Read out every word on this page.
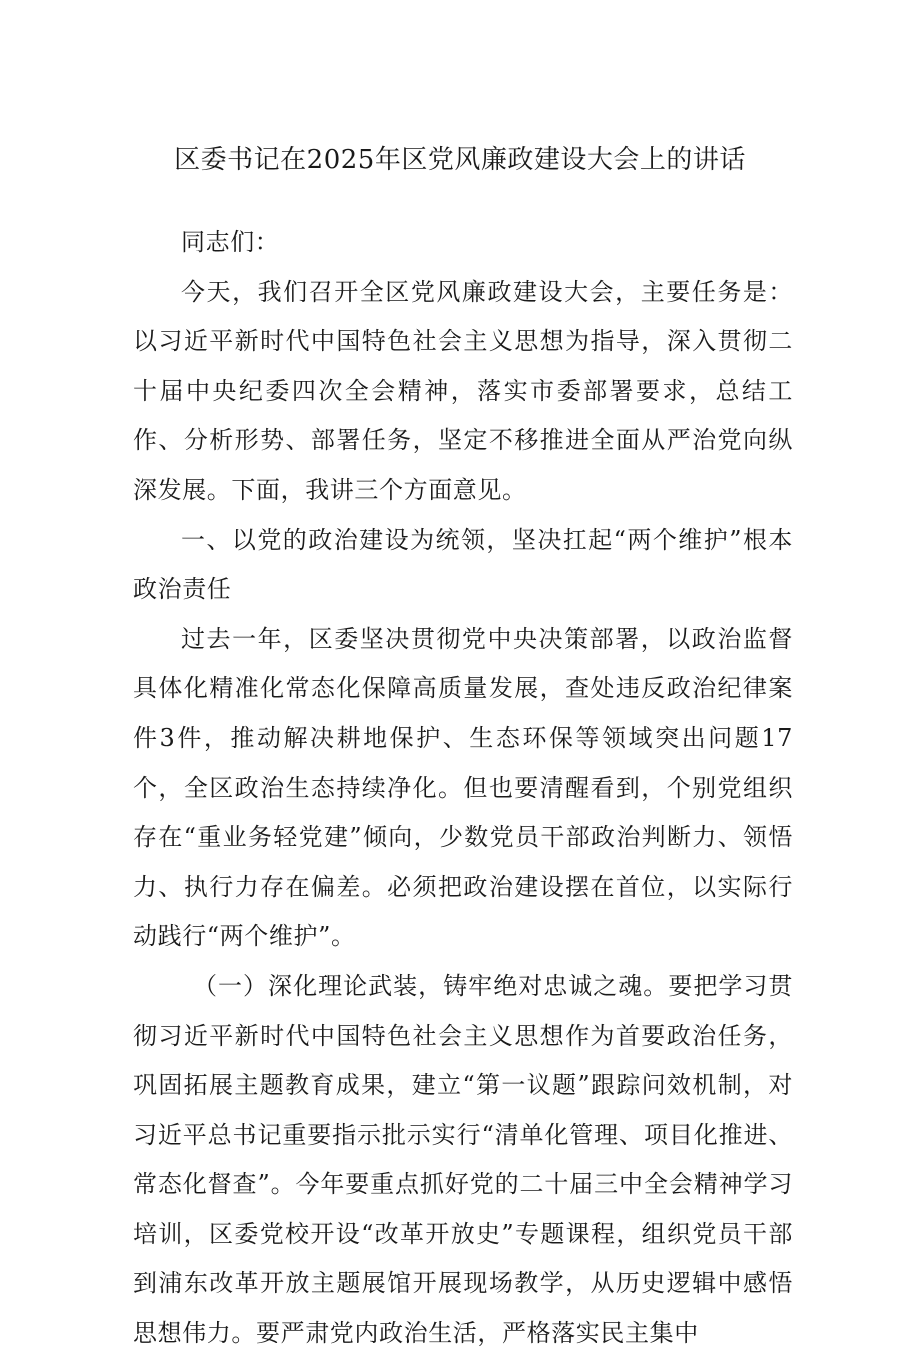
区委书记在2025年区党风廉政建设大会上的讲话

同志们：

今天，我们召开全区党风廉政建设大会，主要任务是：以习近平新时代中国特色社会主义思想为指导，深入贯彻二十届中央纪委四次全会精神，落实市委部署要求，总结工作、分析形势、部署任务，坚定不移推进全面从严治党向纵深发展。下面，我讲三个方面意见。

一、以党的政治建设为统领，坚决扛起“两个维护”根本政治责任

过去一年，区委坚决贯彻党中央决策部署，以政治监督具体化精准化常态化保障高质量发展，查处违反政治纪律案件3件，推动解决耕地保护、生态环保等领域突出问题17个，全区政治生态持续净化。但也要清醒看到，个别党组织存在“重业务轻党建”倾向，少数党员干部政治判断力、领悟力、执行力存在偏差。必须把政治建设摆在首位，以实际行动践行“两个维护”。

（一）深化理论武装，铸牢绝对忠诚之魂。要把学习贯彻习近平新时代中国特色社会主义思想作为首要政治任务，巩固拓展主题教育成果，建立“第一议题”跟踪问效机制，对习近平总书记重要指示批示实行“清单化管理、项目化推进、常态化督查”。今年要重点抓好党的二十届三中全会精神学习培训，区委党校开设“改革开放史”专题课程，组织党员干部到浦东改革开放主题展馆开展现场教学，从历史逻辑中感悟思想伟力。要严肃党内政治生活，严格落实民主集中
